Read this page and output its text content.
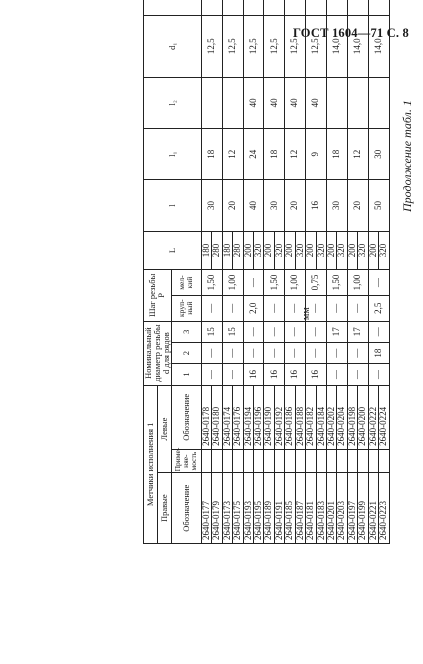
ГОСТ 1604—71 С. 8
Продолжение табл. 1
мм
Метчики исполнения 1			Номинальный диаметр резьбы d для рядов			Шаг резьбы P		L	l	l₁	l₂	d₁	
Правые	Левые												
Обозначение	Применяемость	Обозначение	1	2	3	крупный	мелкий						
2640-0177		2640-0178	—	—	15	—	1,50	180	30	18		12,5	
2640-0179		2640-0180						280					
2640-0173		2640-0174	—	—	15	—	1,00	180	20	12		12,5	
2640-0175		2640-0176						280					
2640-0193		2640-0194	16	—	—	2,0	—	200	40	24	40	12,5	
2640-0195		2640-0196						320					
2640-0189		2640-0190	16	—	—	—	1,50	200	30	18	40	12,5	
2640-0191		2640-0192						320					
2640-0185		2640-0186	16	—	—	—	1,00	200	20	12	40	12,5	
2640-0187		2640-0188						320					
2640-0181		2640-0182	16	—	—	—	0,75	200	16	9	40	12,5	
2640-0183		2640-0184						320					
2640-0201		2640-0202	—	—	17	—	1,50	200	30	18		14,0	
2640-0203		2640-0204						320					
2640-0197		2640-0198	—	—	17	—	1,00	200	20	12		14,0	
2640-0199		2640-0200						320					
2640-0221		2640-0222	—	18	—	2,5	—	200	50	30		14,0	
2640-0223		2640-0224						320					
